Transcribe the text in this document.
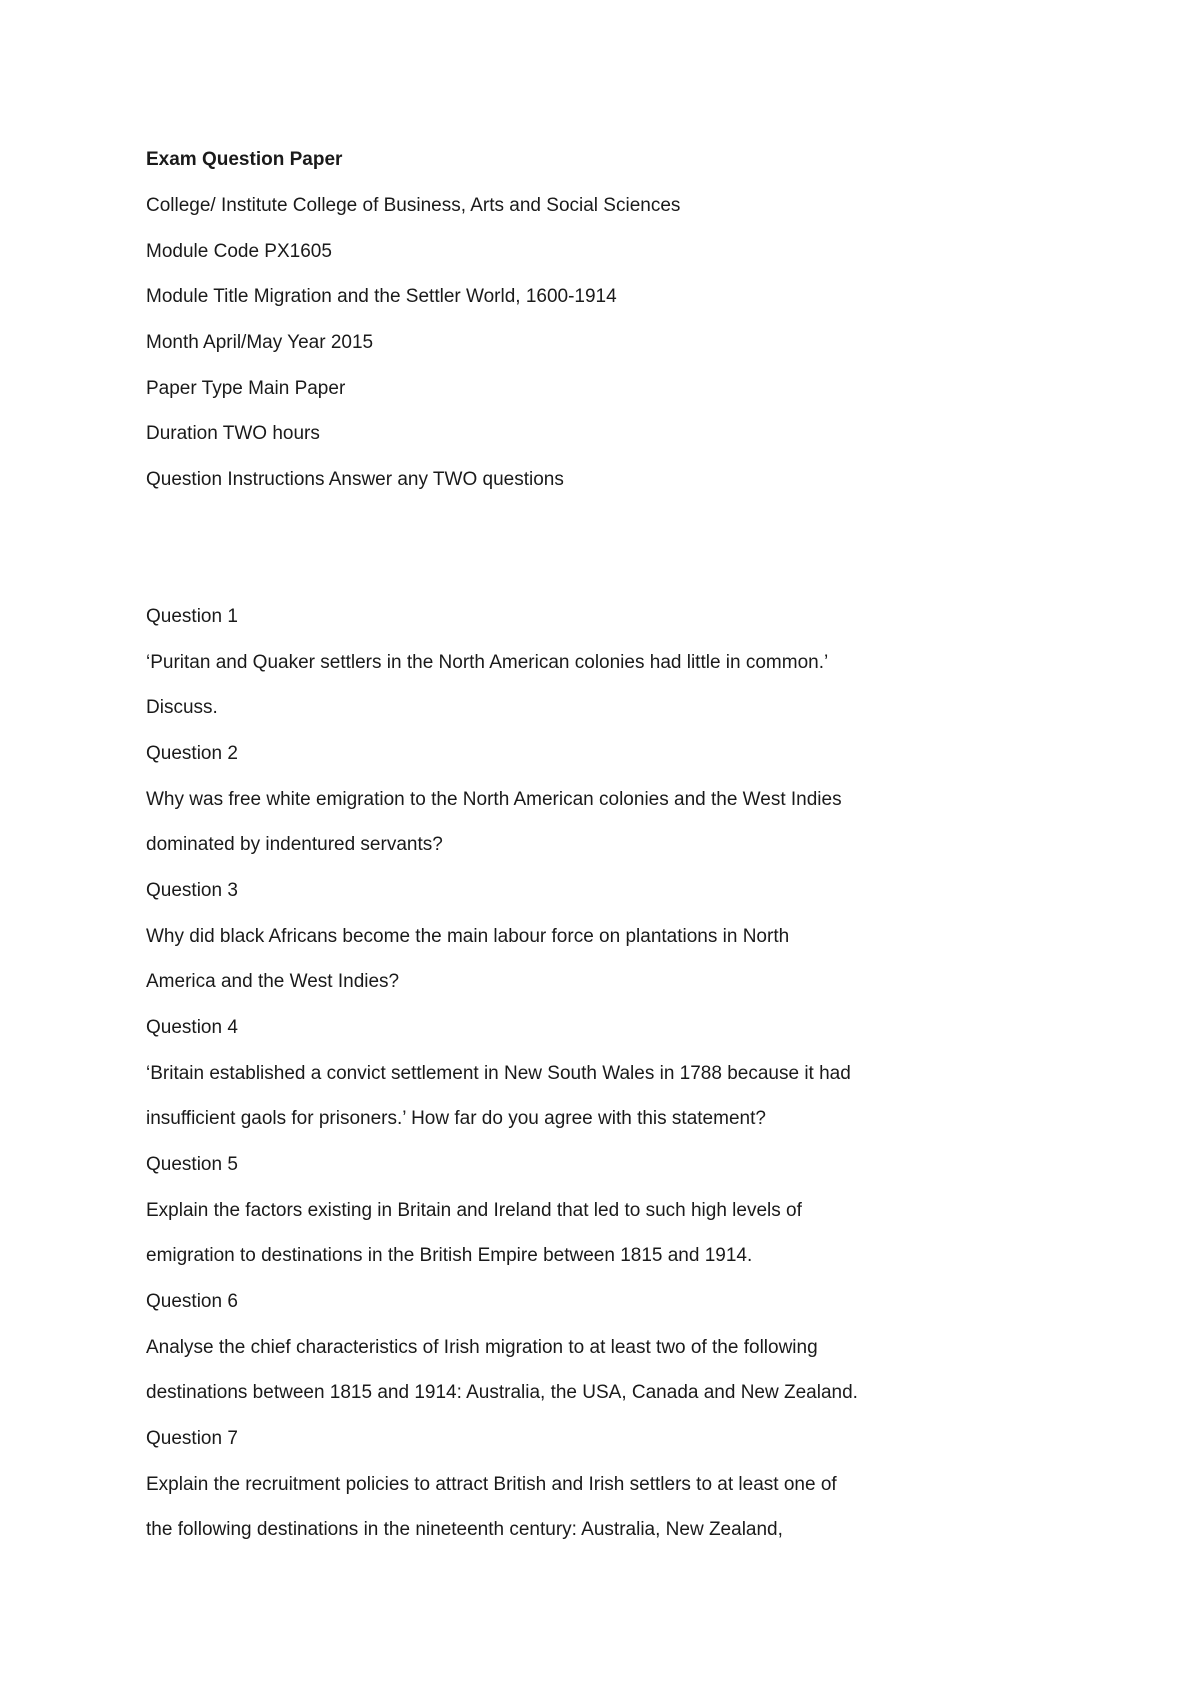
Exam Question Paper
College/ Institute College of Business, Arts and Social Sciences
Module Code PX1605
Module Title Migration and the Settler World, 1600-1914
Month April/May Year 2015
Paper Type Main Paper
Duration TWO hours
Question Instructions Answer any TWO questions
Question 1
‘Puritan and Quaker settlers in the North American colonies had little in common.’
Discuss.
Question 2
Why was free white emigration to the North American colonies and the West Indies
dominated by indentured servants?
Question 3
Why did black Africans become the main labour force on plantations in North
America and the West Indies?
Question 4
‘Britain established a convict settlement in New South Wales in 1788 because it had
insufficient gaols for prisoners.’ How far do you agree with this statement?
Question 5
Explain the factors existing in Britain and Ireland that led to such high levels of
emigration to destinations in the British Empire between 1815 and 1914.
Question 6
Analyse the chief characteristics of Irish migration to at least two of the following
destinations between 1815 and 1914: Australia, the USA, Canada and New Zealand.
Question 7
Explain the recruitment policies to attract British and Irish settlers to at least one of
the following destinations in the nineteenth century: Australia, New Zealand,
